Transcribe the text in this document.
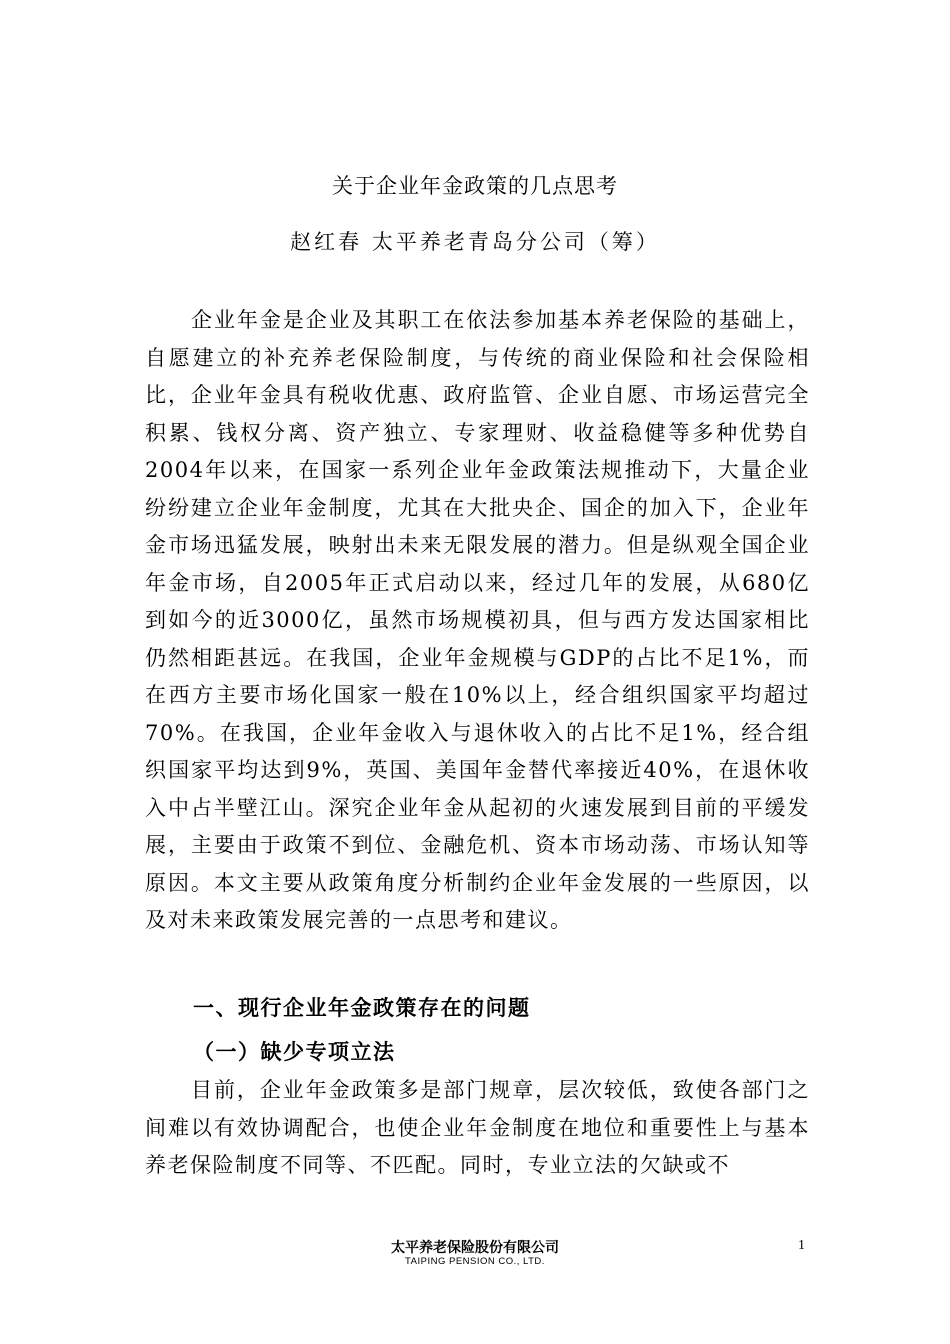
关于企业年金政策的几点思考
赵红春 太平养老青岛分公司（筹）
企业年金是企业及其职工在依法参加基本养老保险的基础上，自愿建立的补充养老保险制度，与传统的商业保险和社会保险相比，企业年金具有税收优惠、政府监管、企业自愿、市场运营完全积累、钱权分离、资产独立、专家理财、收益稳健等多种优势自2004年以来，在国家一系列企业年金政策法规推动下，大量企业纷纷建立企业年金制度，尤其在大批央企、国企的加入下，企业年金市场迅猛发展，映射出未来无限发展的潜力。但是纵观全国企业年金市场，自2005年正式启动以来，经过几年的发展，从680亿到如今的近3000亿，虽然市场规模初具，但与西方发达国家相比仍然相距甚远。在我国，企业年金规模与GDP的占比不足1%，而在西方主要市场化国家一般在10%以上，经合组织国家平均超过70%。在我国，企业年金收入与退休收入的占比不足1%，经合组织国家平均达到9%，英国、美国年金替代率接近40%，在退休收入中占半壁江山。深究企业年金从起初的火速发展到目前的平缓发展，主要由于政策不到位、金融危机、资本市场动荡、市场认知等原因。本文主要从政策角度分析制约企业年金发展的一些原因，以及对未来政策发展完善的一点思考和建议。
一、现行企业年金政策存在的问题
（一）缺少专项立法
目前，企业年金政策多是部门规章，层次较低，致使各部门之间难以有效协调配合，也使企业年金制度在地位和重要性上与基本养老保险制度不同等、不匹配。同时，专业立法的欠缺或不
太平养老保险股份有限公司
TAIPING PENSION CO., LTD.
1
